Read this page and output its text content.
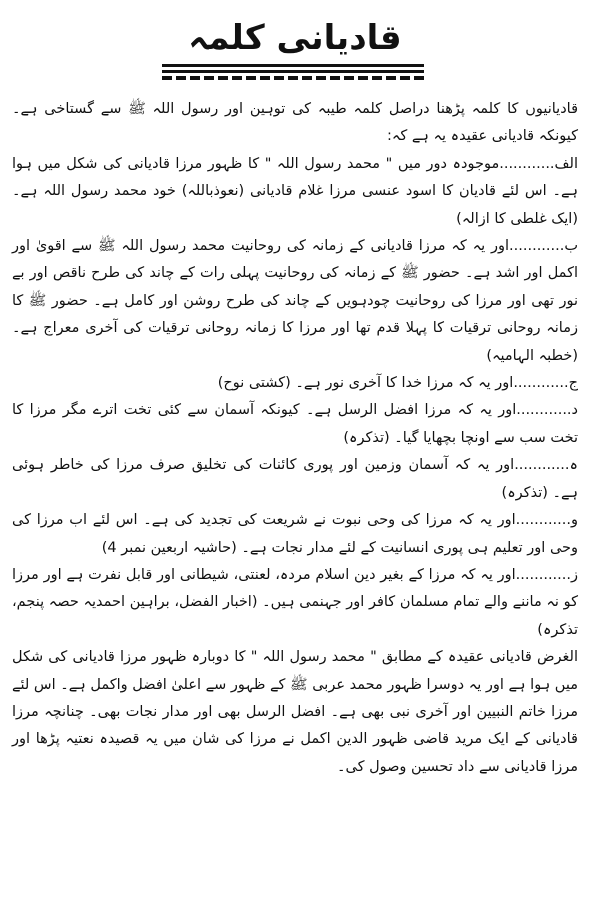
قادیانی کلمہ

قادیانیوں کا کلمہ پڑھنا دراصل کلمہ طیبہ کی توہین اور رسول اللہ ﷺ سے گستاخی ہے۔ کیونکہ قادیانی عقیدہ یہ ہے کہ:

الف............موجودہ دور میں " محمد رسول اللہ " کا ظہور مرزا قادیانی کی شکل میں ہوا ہے۔ اس لئے قادیان کا اسود عنسی مرزا غلام قادیانی (نعوذباللہ) خود محمد رسول اللہ ہے۔ (ایک غلطی کا ازالہ)

ب............اور یہ کہ مرزا قادیانی کے زمانہ کی روحانیت محمد رسول اللہ ﷺ سے اقویٰ اور اکمل اور اشد ہے۔ حضور ﷺ کے زمانہ کی روحانیت پہلی رات کے چاند کی طرح ناقص اور بے نور تھی اور مرزا کی روحانیت چودہویں کے چاند کی طرح روشن اور کامل ہے۔ حضور ﷺ کا زمانہ روحانی ترقیات کا پہلا قدم تھا اور مرزا کا زمانہ روحانی ترقیات کی آخری معراج ہے۔ (خطبہ الہامیہ)

ج............اور یہ کہ مرزا خدا کا آخری نور ہے۔ (کشتی نوح)

د............اور یہ کہ مرزا افضل الرسل ہے۔ کیونکہ آسمان سے کئی تخت اترے مگر مرزا کا تخت سب سے اونچا بچھایا گیا۔ (تذکرہ)

ہ............اور یہ کہ آسمان وزمین اور پوری کائنات کی تخلیق صرف مرزا کی خاطر ہوئی ہے۔ (تذکرہ)

و............اور یہ کہ مرزا کی وحی نبوت نے شریعت کی تجدید کی ہے۔ اس لئے اب مرزا کی وحی اور تعلیم ہی پوری انسانیت کے لئے مدار نجات ہے۔ (حاشیہ اربعین نمبر 4)

ز............اور یہ کہ مرزا کے بغیر دین اسلام مردہ، لعنتی، شیطانی اور قابل نفرت ہے اور مرزا کو نہ ماننے والے تمام مسلمان کافر اور جہنمی ہیں۔ (اخبار الفضل، براہین احمدیہ حصہ پنجم، تذکرہ)

الغرض قادیانی عقیدہ کے مطابق " محمد رسول اللہ " کا دوبارہ ظہور مرزا قادیانی کی شکل میں ہوا ہے اور یہ دوسرا ظہور محمد عربی ﷺ کے ظہور سے اعلیٰ افضل واکمل ہے۔ اس لئے مرزا خاتم النبیین اور آخری نبی بھی ہے۔ افضل الرسل بھی اور مدار نجات بھی۔ چنانچہ مرزا قادیانی کے ایک مرید قاضی ظہور الدین اکمل نے مرزا کی شان میں یہ قصیدہ نعتیہ پڑھا اور مرزا قادیانی سے داد تحسین وصول کی۔
